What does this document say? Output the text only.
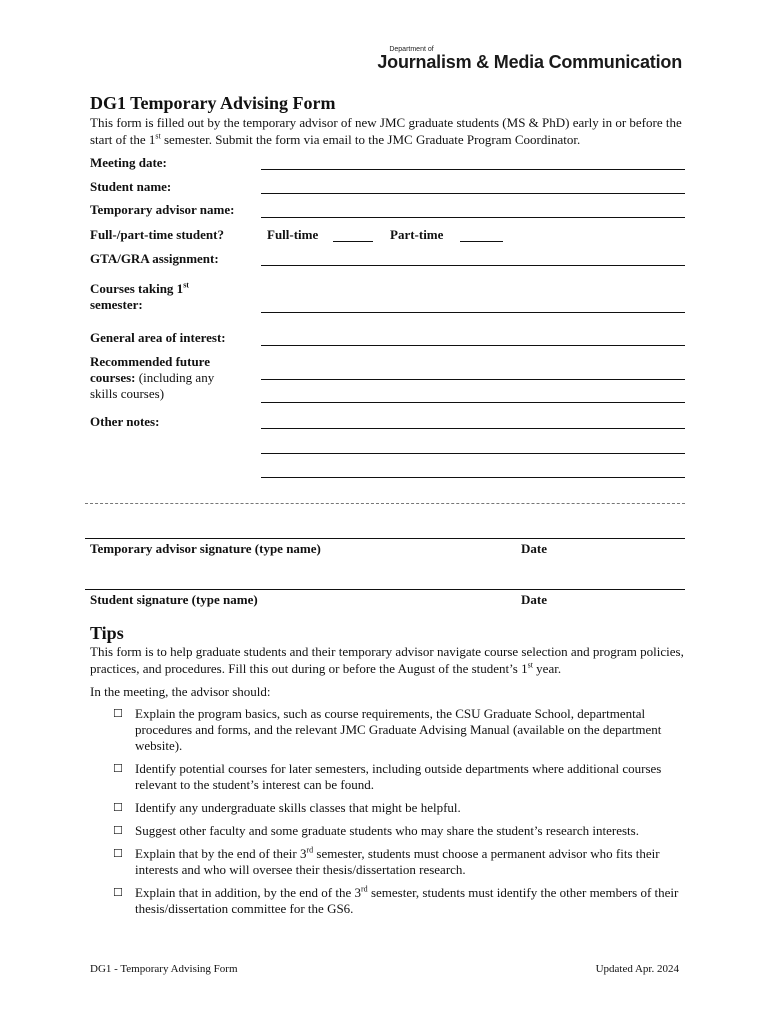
Department of
Journalism & Media Communication
DG1 Temporary Advising Form
This form is filled out by the temporary advisor of new JMC graduate students (MS & PhD) early in or before the start of the 1st semester. Submit the form via email to the JMC Graduate Program Coordinator.
Meeting date:
Student name:
Temporary advisor name:
Full-/part-time student?	Full-time	Part-time
GTA/GRA assignment:
Courses taking 1st
semester:
General area of interest:
Recommended future courses: (including any skills courses)
Other notes:
Temporary advisor signature (type name)	Date
Student signature (type name)	Date
Tips
This form is to help graduate students and their temporary advisor navigate course selection and program policies, practices, and procedures. Fill this out during or before the August of the student’s 1st year.
In the meeting, the advisor should:
☐ Explain the program basics, such as course requirements, the CSU Graduate School, departmental procedures and forms, and the relevant JMC Graduate Advising Manual (available on the department website).
☐ Identify potential courses for later semesters, including outside departments where additional courses relevant to the student’s interest can be found.
☐ Identify any undergraduate skills classes that might be helpful.
☐ Suggest other faculty and some graduate students who may share the student’s research interests.
☐ Explain that by the end of their 3rd semester, students must choose a permanent advisor who fits their interests and who will oversee their thesis/dissertation research.
☐ Explain that in addition, by the end of the 3rd semester, students must identify the other members of their thesis/dissertation committee for the GS6.
DG1 - Temporary Advising Form	Updated Apr. 2024
